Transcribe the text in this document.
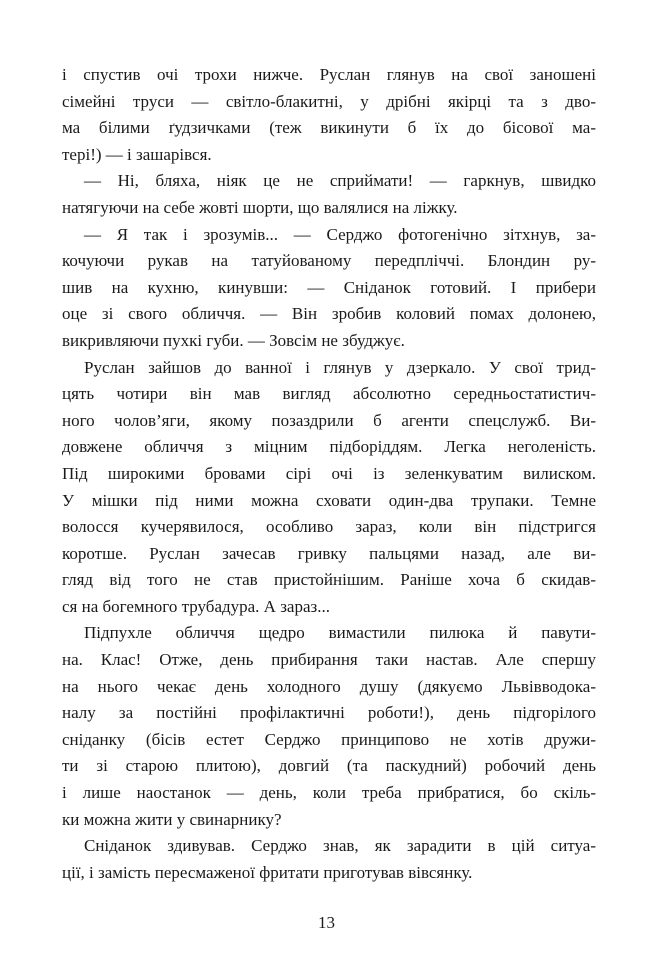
і спустив очі трохи нижче. Руслан глянув на свої заношені
сімейні труси — світло-блакитні, у дрібні якірці та з дво-
ма білими ґудзичками (теж викинути б їх до бісової ма-
тері!) — і зашарівся.
— Ні, бляха, ніяк це не сприймати! — гаркнув, швидко
натягуючи на себе жовті шорти, що валялися на ліжку.
— Я так і зрозумів... — Серджо фотогенічно зітхнув, за-
кочуючи рукав на татуйованому передпліччі. Блондин ру-
шив на кухню, кинувши: — Сніданок готовий. І прибери
оце зі свого обличчя. — Він зробив коловий помах долонею,
викривляючи пухкі губи. — Зовсім не збуджує.
Руслан зайшов до ванної і глянув у дзеркало. У свої трид-
цять чотири він мав вигляд абсолютно середньостатистич-
ного чолов’яги, якому позаздрили б агенти спецслужб. Ви-
довжене обличчя з міцним підборіддям. Легка неголеність.
Під широкими бровами сірі очі із зеленкуватим вилиском.
У мішки під ними можна сховати один-два трупаки. Темне
волосся кучерявилося, особливо зараз, коли він підстригся
коротше. Руслан зачесав гривку пальцями назад, але ви-
гляд від того не став пристойнішим. Раніше хоча б скидав-
ся на богемного трубадура. А зараз...
Підпухле обличчя щедро вимастили пилюка й павути-
на. Клас! Отже, день прибирання таки настав. Але спершу
на нього чекає день холодного душу (дякуємо Львівводока-
налу за постійні профілактичні роботи!), день підгорілого
сніданку (бісів естет Серджо принципово не хотів дружи-
ти зі старою плитою), довгий (та паскудний) робочий день
і лише наостанок — день, коли треба прибратися, бо скіль-
ки можна жити у свинарнику?
Сніданок здивував. Серджо знав, як зарадити в цій ситуа-
ції, і замість пересмаженої фритати приготував вівсянку.
13
